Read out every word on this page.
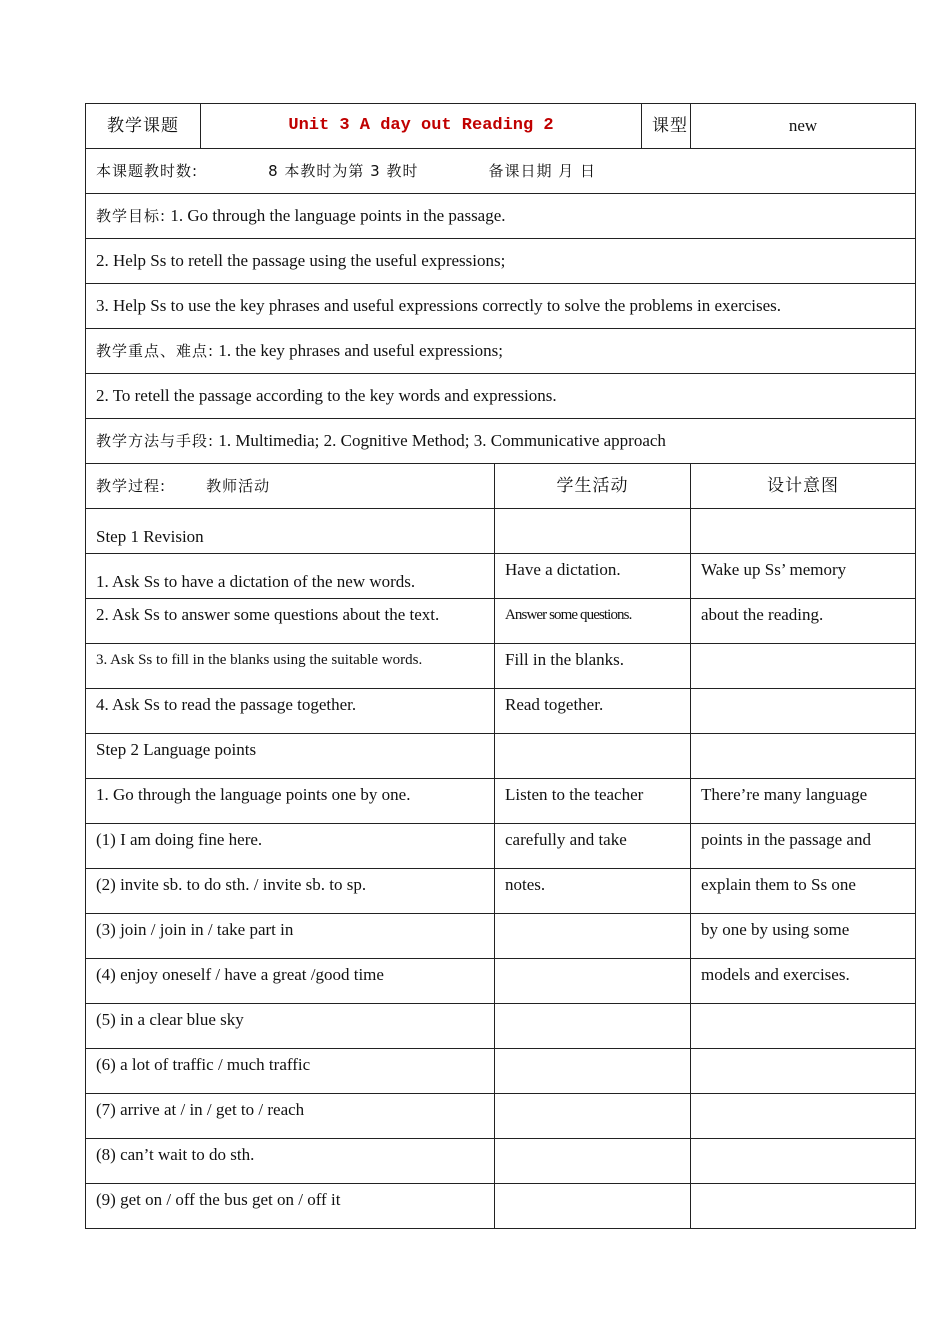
教学课题	Unit 3 A day out Reading 2		课型	new
本课题教时数: 8 本教时为第 3 教时 备课日期 月 日				
教学目标: 1. Go through the language points in the passage.				
2. Help Ss to retell the passage using the useful expressions;				
3. Help Ss to use the key phrases and useful expressions correctly to solve the problems in exercises.				
教学重点、难点: 1. the key phrases and useful expressions;				
2. To retell the passage according to the key words and expressions.				
教学方法与手段: 1. Multimedia; 2. Cognitive Method; 3. Communicative approach				
教学过程: 教师活动		学生活动		设计意图
Step 1 Revision				
1. Ask Ss to have a dictation of the new words.		Have a dictation.		Wake up Ss’ memory
2. Ask Ss to answer some questions about the text.		Answer some questions.		about the reading.
3. Ask Ss to fill in the blanks using the suitable words.		Fill in the blanks.		
4. Ask Ss to read the passage together.		Read together.		
Step 2 Language points				
1. Go through the language points one by one.		Listen to the teacher		There’re many language
(1) I am doing fine here.		carefully and take		points in the passage and
(2) invite sb. to do sth. / invite sb. to sp.		notes.		explain them to Ss one
(3) join / join in / take part in				by one by using some
(4) enjoy oneself / have a great /good time				models and exercises.
(5) in a clear blue sky				
(6) a lot of traffic / much traffic				
(7) arrive at / in / get to / reach				
(8) can’t wait to do sth.				
(9) get on / off the bus get on / off it				
